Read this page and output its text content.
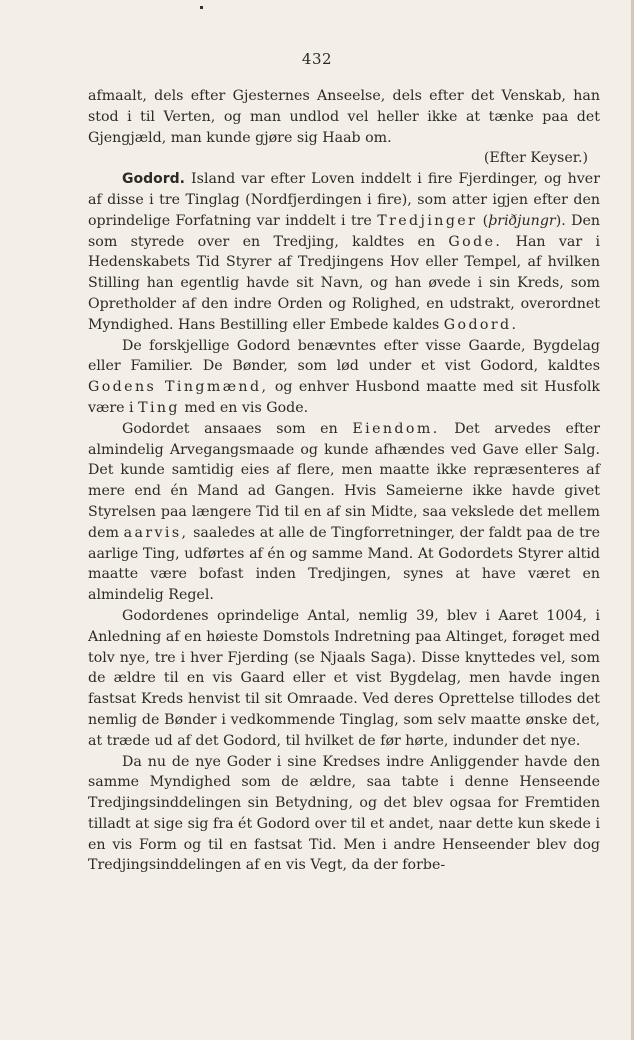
432

afmaalt, dels efter Gjesternes Anseelse, dels efter det Venskab, han stod i til Verten, og man undlod vel heller ikke at tænke paa det Gjengjæld, man kunde gjøre sig Haab om.

(Efter Keyser.)

Godord. Island var efter Loven inddelt i fire Fjerdinger, og hver af disse i tre Tinglag (Nordfjerdingen i fire), som atter igjen efter den oprindelige Forfatning var inddelt i tre Tredjinger (þriðjungr). Den som styrede over en Tredjing, kaldtes en Gode. Han var i Hedenskabets Tid Styrer af Tredjingens Hov eller Tempel, af hvilken Stilling han egentlig havde sit Navn, og han øvede i sin Kreds, som Opretholder af den indre Orden og Rolighed, en udstrakt, overordnet Myndighed. Hans Bestilling eller Embede kaldes Godord.

De forskjellige Godord benævntes efter visse Gaarde, Bygdelag eller Familier. De Bønder, som lød under et vist Godord, kaldtes Godens Tingmænd, og enhver Husbond maatte med sit Husfolk være i Ting med en vis Gode.

Godordet ansaaes som en Eiendom. Det arvedes efter almindelig Arvegangsmaade og kunde afhændes ved Gave eller Salg. Det kunde samtidig eies af flere, men maatte ikke repræsenteres af mere end én Mand ad Gangen. Hvis Sameierne ikke havde givet Styrelsen paa længere Tid til en af sin Midte, saa vekslede det mellem dem aarvis, saaledes at alle de Tingforretninger, der faldt paa de tre aarlige Ting, udførtes af én og samme Mand. At Godordets Styrer altid maatte være bofast inden Tredjingen, synes at have været en almindelig Regel.

Godordenes oprindelige Antal, nemlig 39, blev i Aaret 1004, i Anledning af en høieste Domstols Indretning paa Altinget, forøget med tolv nye, tre i hver Fjerding (se Njaals Saga). Disse knyttedes vel, som de ældre til en vis Gaard eller et vist Bygdelag, men havde ingen fastsat Kreds henvist til sit Omraade. Ved deres Oprettelse tillodes det nemlig de Bønder i vedkommende Tinglag, som selv maatte ønske det, at træde ud af det Godord, til hvilket de før hørte, indunder det nye.

Da nu de nye Goder i sine Kredses indre Anliggender havde den samme Myndighed som de ældre, saa tabte i denne Henseende Tredjingsinddelingen sin Betydning, og det blev ogsaa for Fremtiden tilladt at sige sig fra ét Godord over til et andet, naar dette kun skede i en vis Form og til en fastsat Tid. Men i andre Henseender blev dog Tredjingsinddelingen af en vis Vegt, da der forbe-
